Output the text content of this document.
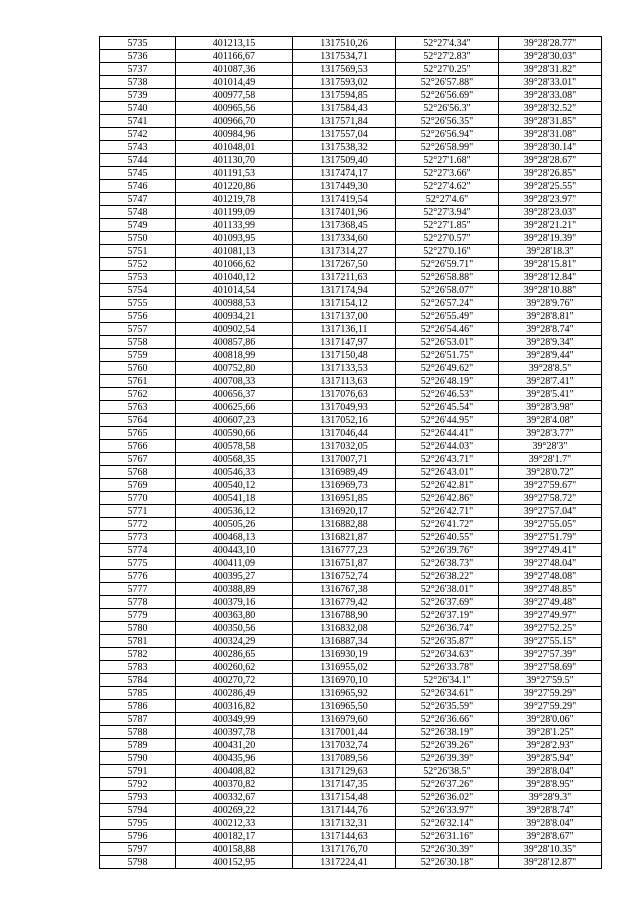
5735	401213,15	1317510,26	52°27'4.34"	39°28'28.77"
5736	401166,67	1317534,71	52°27'2.83"	39°28'30.03"
5737	401087,36	1317569,53	52°27'0.25"	39°28'31.82"
5738	401014,49	1317593,02	52°26'57.88"	39°28'33.01"
5739	400977,58	1317594,85	52°26'56.69"	39°28'33.08"
5740	400965,56	1317584,43	52°26'56.3"	39°28'32.52"
5741	400966,70	1317571,84	52°26'56.35"	39°28'31.85"
5742	400984,96	1317557,04	52°26'56.94"	39°28'31.08"
5743	401048,01	1317538,32	52°26'58.99"	39°28'30.14"
5744	401130,70	1317509,40	52°27'1.68"	39°28'28.67"
5745	401191,53	1317474,17	52°27'3.66"	39°28'26.85"
5746	401220,86	1317449,30	52°27'4.62"	39°28'25.55"
5747	401219,78	1317419,54	52°27'4.6"	39°28'23.97"
5748	401199,09	1317401,96	52°27'3.94"	39°28'23.03"
5749	401133,99	1317368,45	52°27'1.85"	39°28'21.21"
5750	401093,95	1317334,60	52°27'0.57"	39°28'19.39"
5751	401081,13	1317314,27	52°27'0.16"	39°28'18.3"
5752	401066,62	1317267,50	52°26'59.71"	39°28'15.81"
5753	401040,12	1317211,63	52°26'58.88"	39°28'12.84"
5754	401014,54	1317174,94	52°26'58.07"	39°28'10.88"
5755	400988,53	1317154,12	52°26'57.24"	39°28'9.76"
5756	400934,21	1317137,00	52°26'55.49"	39°28'8.81"
5757	400902,54	1317136,11	52°26'54.46"	39°28'8.74"
5758	400857,86	1317147,97	52°26'53.01"	39°28'9.34"
5759	400818,99	1317150,48	52°26'51.75"	39°28'9.44"
5760	400752,80	1317133,53	52°26'49.62"	39°28'8.5"
5761	400708,33	1317113,63	52°26'48.19"	39°28'7.41"
5762	400656,37	1317076,63	52°26'46.53"	39°28'5.41"
5763	400625,66	1317049,93	52°26'45.54"	39°28'3.98"
5764	400607,23	1317052,16	52°26'44.95"	39°28'4.08"
5765	400590,66	1317046,44	52°26'44.41"	39°28'3.77"
5766	400578,58	1317032,05	52°26'44.03"	39°28'3"
5767	400568,35	1317007,71	52°26'43.71"	39°28'1.7"
5768	400546,33	1316989,49	52°26'43.01"	39°28'0.72"
5769	400540,12	1316969,73	52°26'42.81"	39°27'59.67"
5770	400541,18	1316951,85	52°26'42.86"	39°27'58.72"
5771	400536,12	1316920,17	52°26'42.71"	39°27'57.04"
5772	400505,26	1316882,88	52°26'41.72"	39°27'55.05"
5773	400468,13	1316821,87	52°26'40.55"	39°27'51.79"
5774	400443,10	1316777,23	52°26'39.76"	39°27'49.41"
5775	400411,09	1316751,87	52°26'38.73"	39°27'48.04"
5776	400395,27	1316752,74	52°26'38.22"	39°27'48.08"
5777	400388,89	1316767,38	52°26'38.01"	39°27'48.85"
5778	400379,16	1316779,42	52°26'37.69"	39°27'49.48"
5779	400363,80	1316788,90	52°26'37.19"	39°27'49.97"
5780	400350,56	1316832,08	52°26'36.74"	39°27'52.25"
5781	400324,29	1316887,34	52°26'35.87"	39°27'55.15"
5782	400286,65	1316930,19	52°26'34.63"	39°27'57.39"
5783	400260,62	1316955,02	52°26'33.78"	39°27'58.69"
5784	400270,72	1316970,10	52°26'34.1"	39°27'59.5"
5785	400286,49	1316965,92	52°26'34.61"	39°27'59.29"
5786	400316,82	1316965,50	52°26'35.59"	39°27'59.29"
5787	400349,99	1316979,60	52°26'36.66"	39°28'0.06"
5788	400397,78	1317001,44	52°26'38.19"	39°28'1.25"
5789	400431,20	1317032,74	52°26'39.26"	39°28'2.93"
5790	400435,96	1317089,56	52°26'39.39"	39°28'5.94"
5791	400408,82	1317129,63	52°26'38.5"	39°28'8.04"
5792	400370,82	1317147,35	52°26'37.26"	39°28'8.95"
5793	400332,67	1317154,48	52°26'36.02"	39°28'9.3"
5794	400269,22	1317144,76	52°26'33.97"	39°28'8.74"
5795	400212,33	1317132,31	52°26'32.14"	39°28'8.04"
5796	400182,17	1317144,63	52°26'31.16"	39°28'8.67"
5797	400158,88	1317176,70	52°26'30.39"	39°28'10.35"
5798	400152,95	1317224,41	52°26'30.18"	39°28'12.87"
